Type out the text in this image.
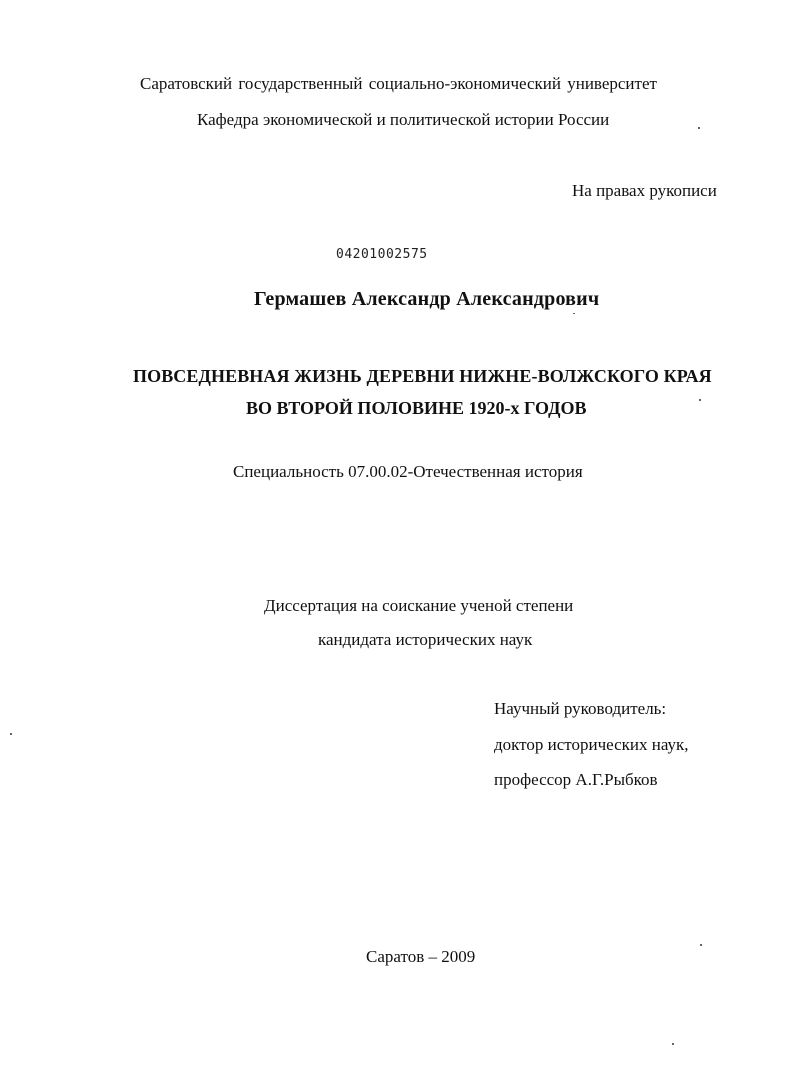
Саратовский государственный социально-экономический университет
Кафедра экономической и политической истории России
На правах рукописи
04201002575
Гермашев Александр Александрович
ПОВСЕДНЕВНАЯ ЖИЗНЬ ДЕРЕВНИ НИЖНЕ-ВОЛЖСКОГО КРАЯ
ВО ВТОРОЙ ПОЛОВИНЕ 1920-х ГОДОВ
Специальность 07.00.02-Отечественная история
Диссертация на соискание ученой степени
кандидата исторических наук
Научный руководитель:
доктор исторических наук,
профессор А.Г.Рыбков
Саратов – 2009
